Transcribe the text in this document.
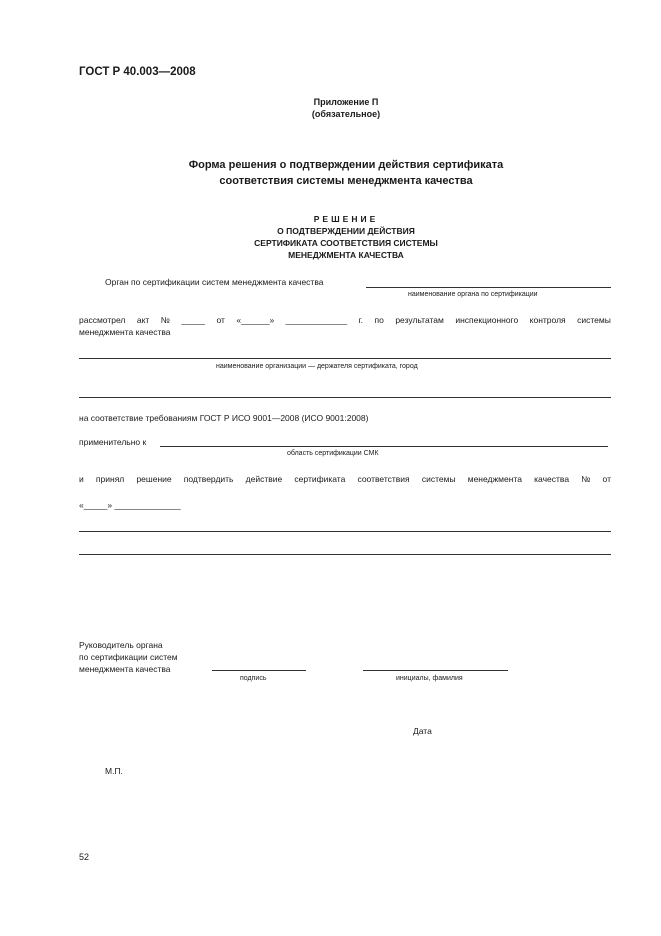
ГОСТ Р 40.003—2008
Приложение П
(обязательное)
Форма решения о подтверждении действия сертификата
соответствия системы менеджмента качества
РЕШЕНИЕ
О ПОДТВЕРЖДЕНИИ ДЕЙСТВИЯ
СЕРТИФИКАТА СООТВЕТСТВИЯ СИСТЕМЫ
МЕНЕДЖМЕНТА КАЧЕСТВА
Орган по сертификации систем менеджмента качества
наименование органа по сертификации
рассмотрел акт № _____ от «______» _____________ г. по результатам инспекционного контроля системы
менеджмента качества
наименование организации — держателя сертификата, город
на соответствие требованиям ГОСТ Р ИСО 9001—2008 (ИСО 9001:2008)
применительно к
область сертификации СМК
и принял решение подтвердить действие сертификата соответствия системы менеджмента качества № от
«_____» ______________
Руководитель органа
по сертификации систем
менеджмента качества
подпись	инициалы, фамилия
Дата
М.П.
52
